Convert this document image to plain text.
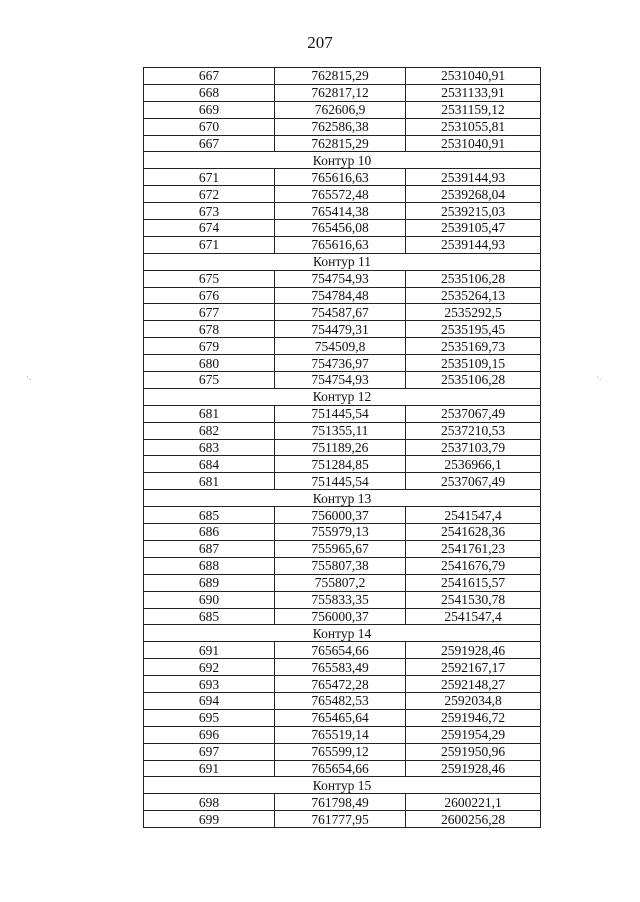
207
·.	·.
667	762815,29	2531040,91
668	762817,12	2531133,91
669	762606,9	2531159,12
670	762586,38	2531055,81
667	762815,29	2531040,91
Контур 10		
671	765616,63	2539144,93
672	765572,48	2539268,04
673	765414,38	2539215,03
674	765456,08	2539105,47
671	765616,63	2539144,93
Контур 11		
675	754754,93	2535106,28
676	754784,48	2535264,13
677	754587,67	2535292,5
678	754479,31	2535195,45
679	754509,8	2535169,73
680	754736,97	2535109,15
675	754754,93	2535106,28
Контур 12		
681	751445,54	2537067,49
682	751355,11	2537210,53
683	751189,26	2537103,79
684	751284,85	2536966,1
681	751445,54	2537067,49
Контур 13		
685	756000,37	2541547,4
686	755979,13	2541628,36
687	755965,67	2541761,23
688	755807,38	2541676,79
689	755807,2	2541615,57
690	755833,35	2541530,78
685	756000,37	2541547,4
Контур 14		
691	765654,66	2591928,46
692	765583,49	2592167,17
693	765472,28	2592148,27
694	765482,53	2592034,8
695	765465,64	2591946,72
696	765519,14	2591954,29
697	765599,12	2591950,96
691	765654,66	2591928,46
Контур 15		
698	761798,49	2600221,1
699	761777,95	2600256,28
